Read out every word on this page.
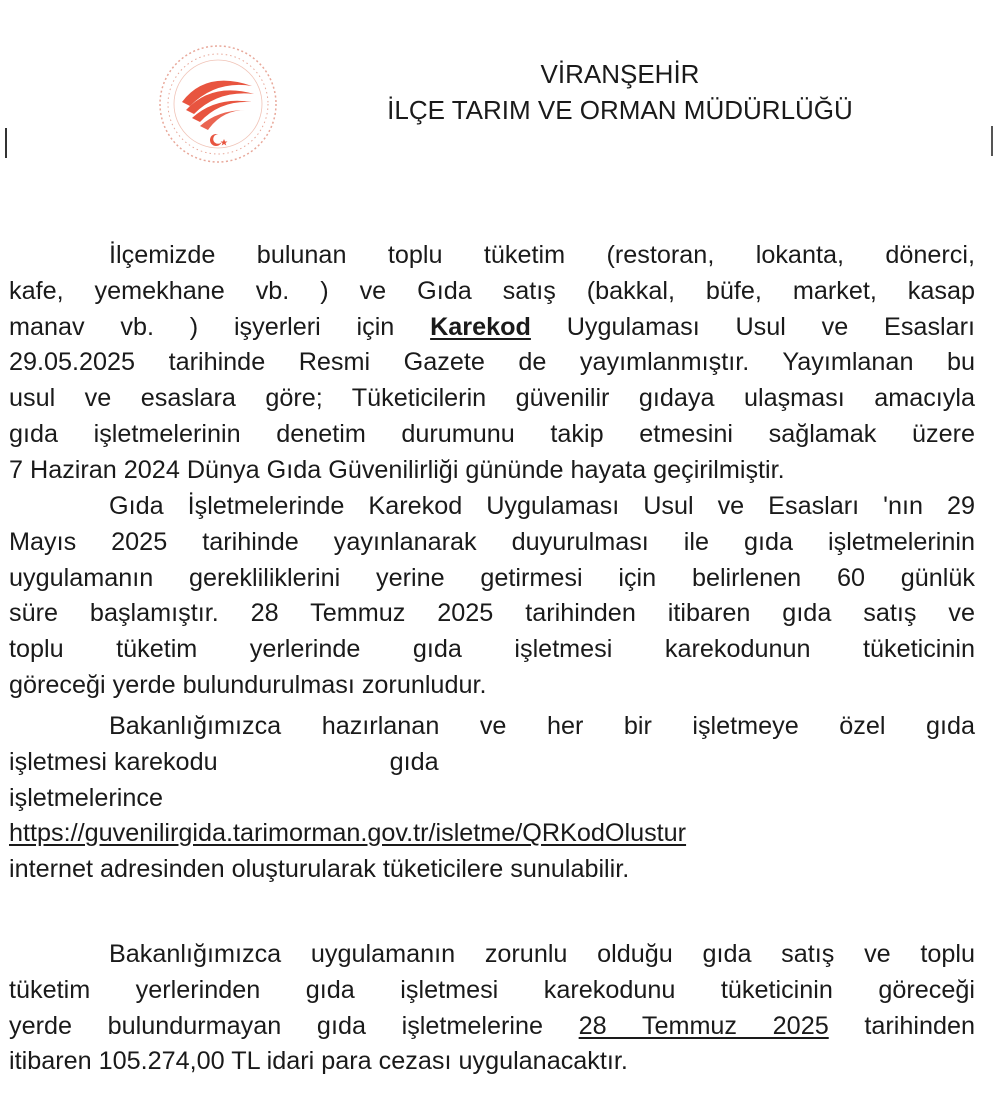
VİRANŞEHİR
İLÇE TARIM VE ORMAN MÜDÜRLÜĞÜ
İlçemizde bulunan toplu tüketim (restoran, lokanta, dönerci,
kafe, yemekhane vb. ) ve Gıda satış (bakkal, büfe, market, kasap
manav vb. ) işyerleri için Karekod Uygulaması Usul ve Esasları
29.05.2025 tarihinde Resmi Gazete de yayımlanmıştır. Yayımlanan bu
usul ve esaslara göre; Tüketicilerin güvenilir gıdaya ulaşması amacıyla
gıda işletmelerinin denetim durumunu takip etmesini sağlamak üzere
7 Haziran 2024 Dünya Gıda Güvenilirliği gününde hayata geçirilmiştir.
Gıda İşletmelerinde Karekod Uygulaması Usul ve Esasları 'nın 29
Mayıs 2025 tarihinde yayınlanarak duyurulması ile gıda işletmelerinin
uygulamanın gerekliliklerini yerine getirmesi için belirlenen 60 günlük
süre başlamıştır. 28 Temmuz 2025 tarihinden itibaren gıda satış ve
toplu tüketim yerlerinde gıda işletmesi karekodunun tüketicinin
göreceği yerde bulundurulması zorunludur.
Bakanlığımızca hazırlanan ve her bir işletmeye özel gıda
işletmesi karekodu	gıda
işletmelerince
https://guvenilirgida.tarimorman.gov.tr/isletme/QRKodOlustur
internet adresinden oluşturularak tüketicilere sunulabilir.
Bakanlığımızca uygulamanın zorunlu olduğu gıda satış ve toplu
tüketim yerlerinden gıda işletmesi karekodunu tüketicinin göreceği
yerde bulundurmayan gıda işletmelerine 28 Temmuz 2025 tarihinden
itibaren 105.274,00 TL idari para cezası uygulanacaktır.
